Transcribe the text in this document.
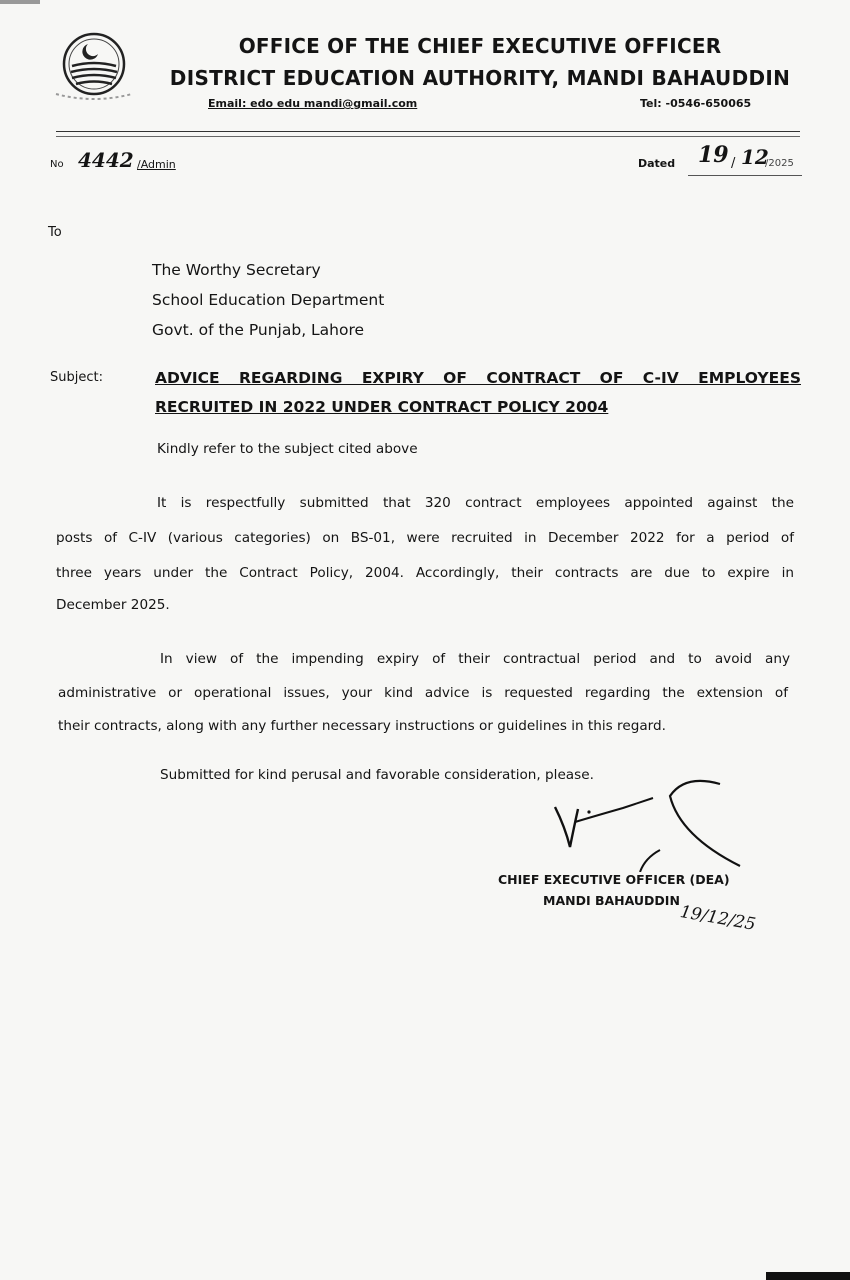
OFFICE OF THE CHIEF EXECUTIVE OFFICER
DISTRICT EDUCATION AUTHORITY, MANDI BAHAUDDIN
Email: edo edu mandi@gmail.com	Tel: -0546-650065
No 4442 /Admin	Dated 19 / 12
/2025
To
The Worthy Secretary
School Education Department
Govt. of the Punjab, Lahore
Subject:	ADVICE REGARDING EXPIRY OF CONTRACT OF C-IV EMPLOYEES
RECRUITED IN 2022 UNDER CONTRACT POLICY 2004
Kindly refer to the subject cited above
It is respectfully submitted that 320 contract employees appointed against the
posts of C-IV (various categories) on BS-01, were recruited in December 2022 for a period of
three years under the Contract Policy, 2004. Accordingly, their contracts are due to expire in
December 2025.
In view of the impending expiry of their contractual period and to avoid any
administrative or operational issues, your kind advice is requested regarding the extension of
their contracts, along with any further necessary instructions or guidelines in this regard.
Submitted for kind perusal and favorable consideration, please.
CHIEF EXECUTIVE OFFICER (DEA)
MANDI BAHAUDDIN
19/12/25
